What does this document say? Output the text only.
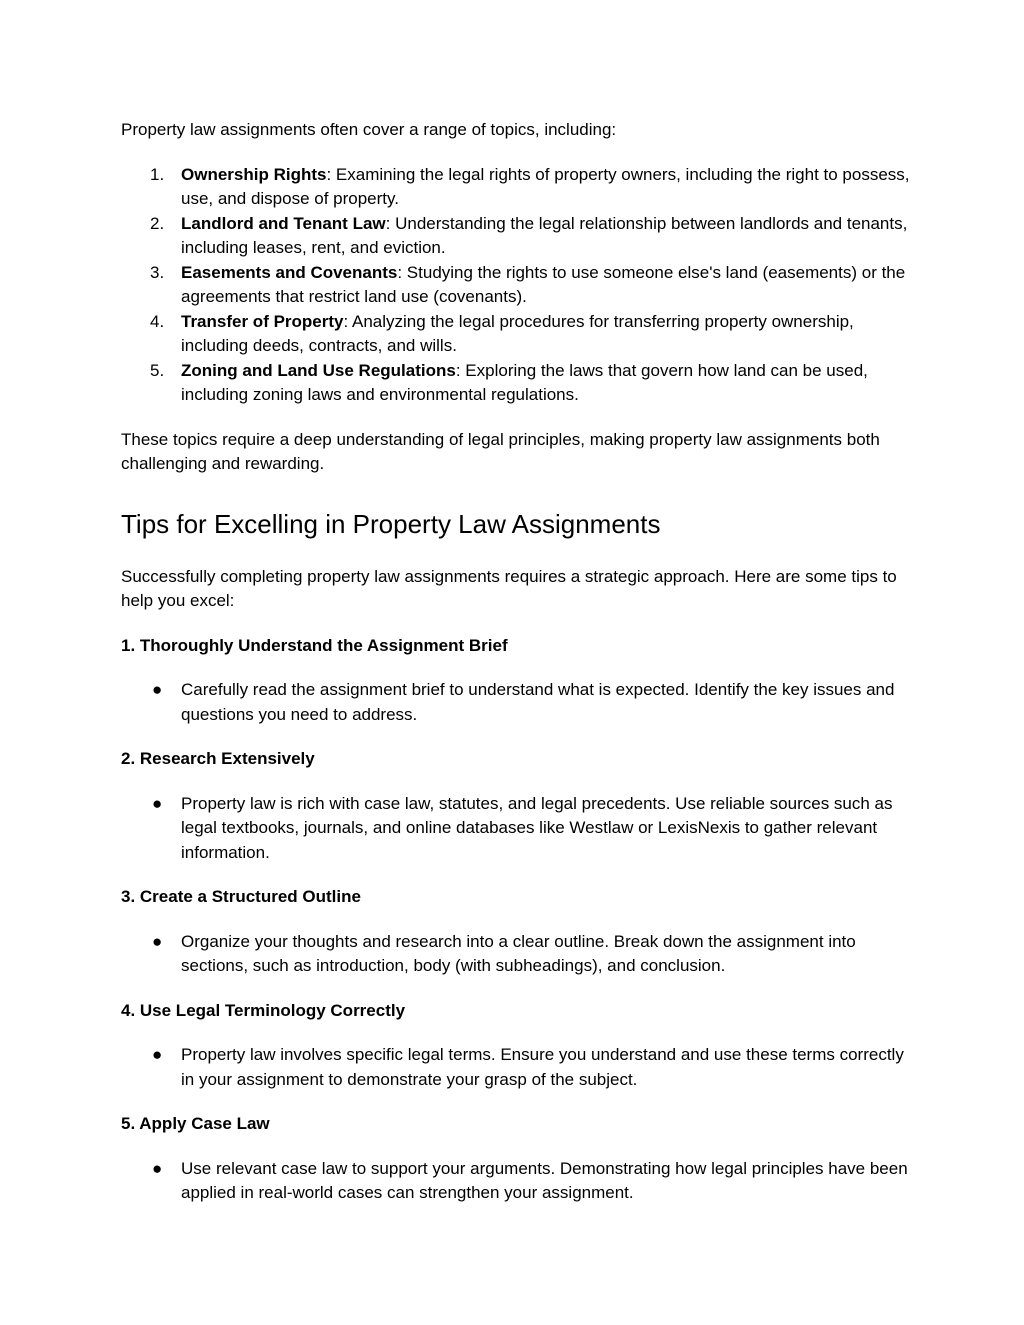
Property law assignments often cover a range of topics, including:

1. Ownership Rights: Examining the legal rights of property owners, including the right to possess, use, and dispose of property.
2. Landlord and Tenant Law: Understanding the legal relationship between landlords and tenants, including leases, rent, and eviction.
3. Easements and Covenants: Studying the rights to use someone else's land (easements) or the agreements that restrict land use (covenants).
4. Transfer of Property: Analyzing the legal procedures for transferring property ownership, including deeds, contracts, and wills.
5. Zoning and Land Use Regulations: Exploring the laws that govern how land can be used, including zoning laws and environmental regulations.

These topics require a deep understanding of legal principles, making property law assignments both challenging and rewarding.

Tips for Excelling in Property Law Assignments

Successfully completing property law assignments requires a strategic approach. Here are some tips to help you excel:

1. Thoroughly Understand the Assignment Brief
● Carefully read the assignment brief to understand what is expected. Identify the key issues and questions you need to address.
2. Research Extensively
● Property law is rich with case law, statutes, and legal precedents. Use reliable sources such as legal textbooks, journals, and online databases like Westlaw or LexisNexis to gather relevant information.
3. Create a Structured Outline
● Organize your thoughts and research into a clear outline. Break down the assignment into sections, such as introduction, body (with subheadings), and conclusion.
4. Use Legal Terminology Correctly
● Property law involves specific legal terms. Ensure you understand and use these terms correctly in your assignment to demonstrate your grasp of the subject.
5. Apply Case Law
● Use relevant case law to support your arguments. Demonstrating how legal principles have been applied in real-world cases can strengthen your assignment.
